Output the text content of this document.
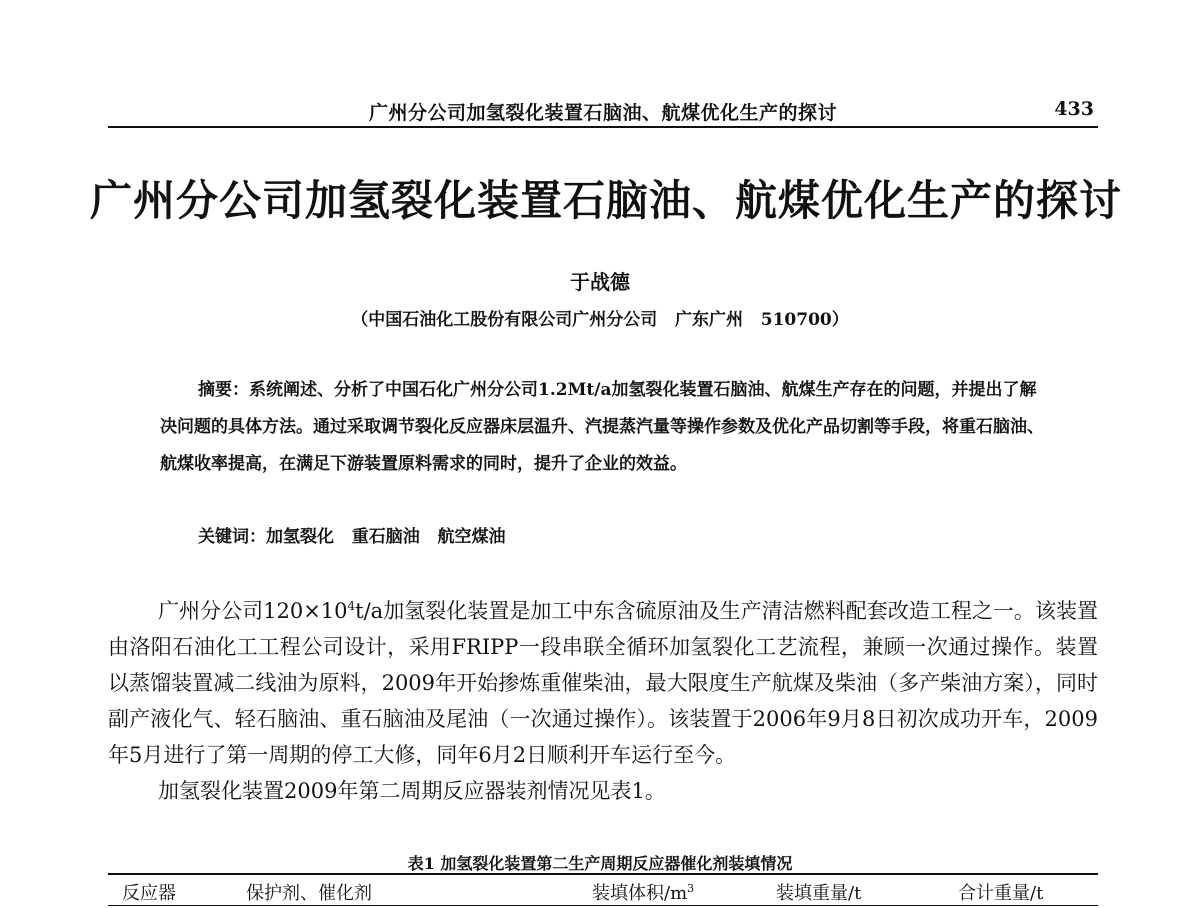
广州分公司加氢裂化装置石脑油、航煤优化生产的探讨	433
广州分公司加氢裂化装置石脑油、航煤优化生产的探讨
于战德
（中国石油化工股份有限公司广州分公司   广东广州   510700）

摘要：系统阐述、分析了中国石化广州分公司1.2Mt/a加氢裂化装置石脑油、航煤生产存在的问题，并提出了解决问题的具体方法。通过采取调节裂化反应器床层温升、汽提蒸汽量等操作参数及优化产品切割等手段，将重石脑油、航煤收率提高，在满足下游装置原料需求的同时，提升了企业的效益。

关键词：加氢裂化   重石脑油   航空煤油

广州分公司$120\times 10^4t/a$加氢裂化装置是加工中东含硫原油及生产清洁燃料配套改造工程之一。该装置由洛阳石油化工工程公司设计，采用FRIPP一段串联全循环加氢裂化工艺流程，兼顾一次通过操作。装置以蒸馏装置减二线油为原料，2009年开始掺炼重催柴油，最大限度生产航煤及柴油（多产柴油方案），同时副产液化气、轻石脑油、重石脑油及尾油（一次通过操作）。该装置于2006年9月8日初次成功开车，2009年5月进行了第一周期的停工大修，同年6月2日顺利开车运行至今。

加氢裂化装置2009年第二周期反应器装剂情况见表1。

表1 加氢裂化装置第二生产周期反应器催化剂装填情况
反应器	保护剂、催化剂	装填体积$/m^3$	装填重量/t	合计重量/t
